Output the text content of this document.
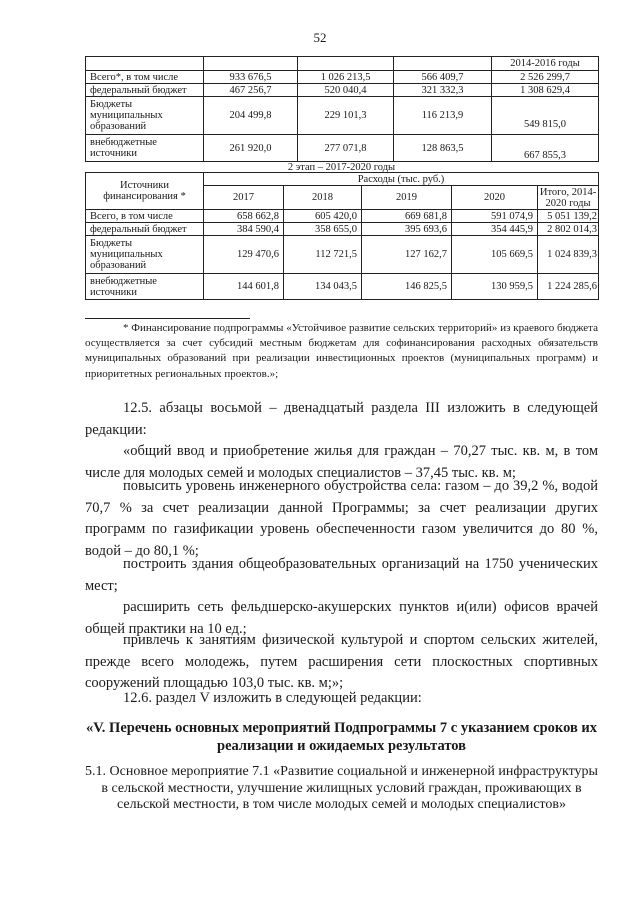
52
				2014-2016 годы
Всего*, в том числе	933 676,5	1 026 213,5	566 409,7	2 526 299,7
федеральный бюджет	467 256,7	520 040,4	321 332,3	1 308 629,4
Бюджеты муниципальных образований	204 499,8	229 101,3	116 213,9	549 815,0
внебюджетные источники	261 920,0	277 071,8	128 863,5	667 855,3
2 этап – 2017-2020 годы
Источники финансирования *	Расходы (тыс. руб.)				
	2017	2018	2019	2020	Итого, 2014-2020 годы
Всего, в том числе	658 662,8	605 420,0	669 681,8	591 074,9	5 051 139,2
федеральный бюджет	384 590,4	358 655,0	395 693,6	354 445,9	2 802 014,3
Бюджеты муниципальных образований	129 470,6	112 721,5	127 162,7	105 669,5	1 024 839,3
внебюджетные источники	144 601,8	134 043,5	146 825,5	130 959,5	1 224 285,6
* Финансирование подпрограммы «Устойчивое развитие сельских территорий» из краевого бюджета осуществляется за счет субсидий местным бюджетам для софинансирования расходных обязательств муниципальных образований при реализации инвестиционных проектов (муниципальных программ) и приоритетных региональных проектов.»;
12.5. абзацы восьмой – двенадцатый раздела III изложить в следующей редакции:
«общий ввод и приобретение жилья для граждан – 70,27 тыс. кв. м, в том числе для молодых семей и молодых специалистов – 37,45 тыс. кв. м;
повысить уровень инженерного обустройства села: газом – до 39,2 %, водой 70,7 % за счет реализации данной Программы; за счет реализации других программ по газификации уровень обеспеченности газом увеличится до 80 %, водой – до 80,1 %;
построить здания общеобразовательных организаций на 1750 ученических мест;
расширить сеть фельдшерско-акушерских пунктов и(или) офисов врачей общей практики на 10 ед.;
привлечь к занятиям физической культурой и спортом сельских жителей, прежде всего молодежь, путем расширения сети плоскостных спортивных сооружений площадью 103,0 тыс. кв. м;»;
12.6. раздел V изложить в следующей редакции:
«V. Перечень основных мероприятий Подпрограммы 7 с указанием сроков их реализации и ожидаемых результатов
5.1. Основное мероприятие 7.1 «Развитие социальной и инженерной инфраструктуры в сельской местности, улучшение жилищных условий граждан, проживающих в сельской местности, в том числе молодых семей и молодых специалистов»
